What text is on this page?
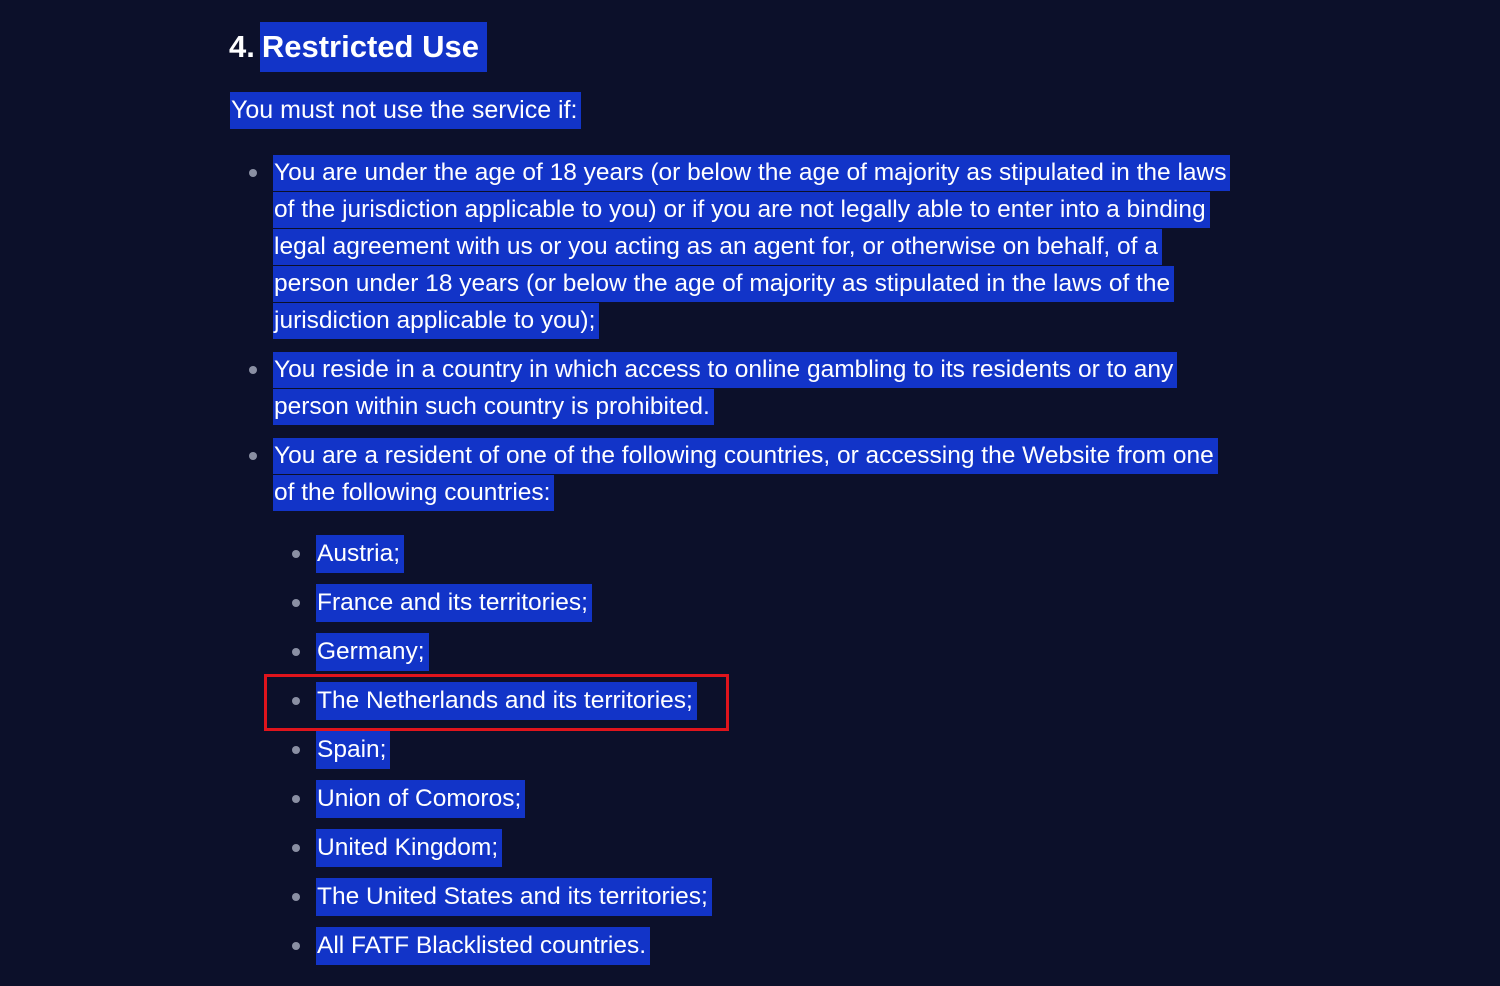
4. Restricted Use

You must not use the service if:

You are under the age of 18 years (or below the age of majority as stipulated in the laws of the jurisdiction applicable to you) or if you are not legally able to enter into a binding legal agreement with us or you acting as an agent for, or otherwise on behalf, of a person under 18 years (or below the age of majority as stipulated in the laws of the jurisdiction applicable to you);
You reside in a country in which access to online gambling to its residents or to any person within such country is prohibited.
You are a resident of one of the following countries, or accessing the Website from one of the following countries:
Austria;
France and its territories;
Germany;
The Netherlands and its territories;
Spain;
Union of Comoros;
United Kingdom;
The United States and its territories;
All FATF Blacklisted countries.
